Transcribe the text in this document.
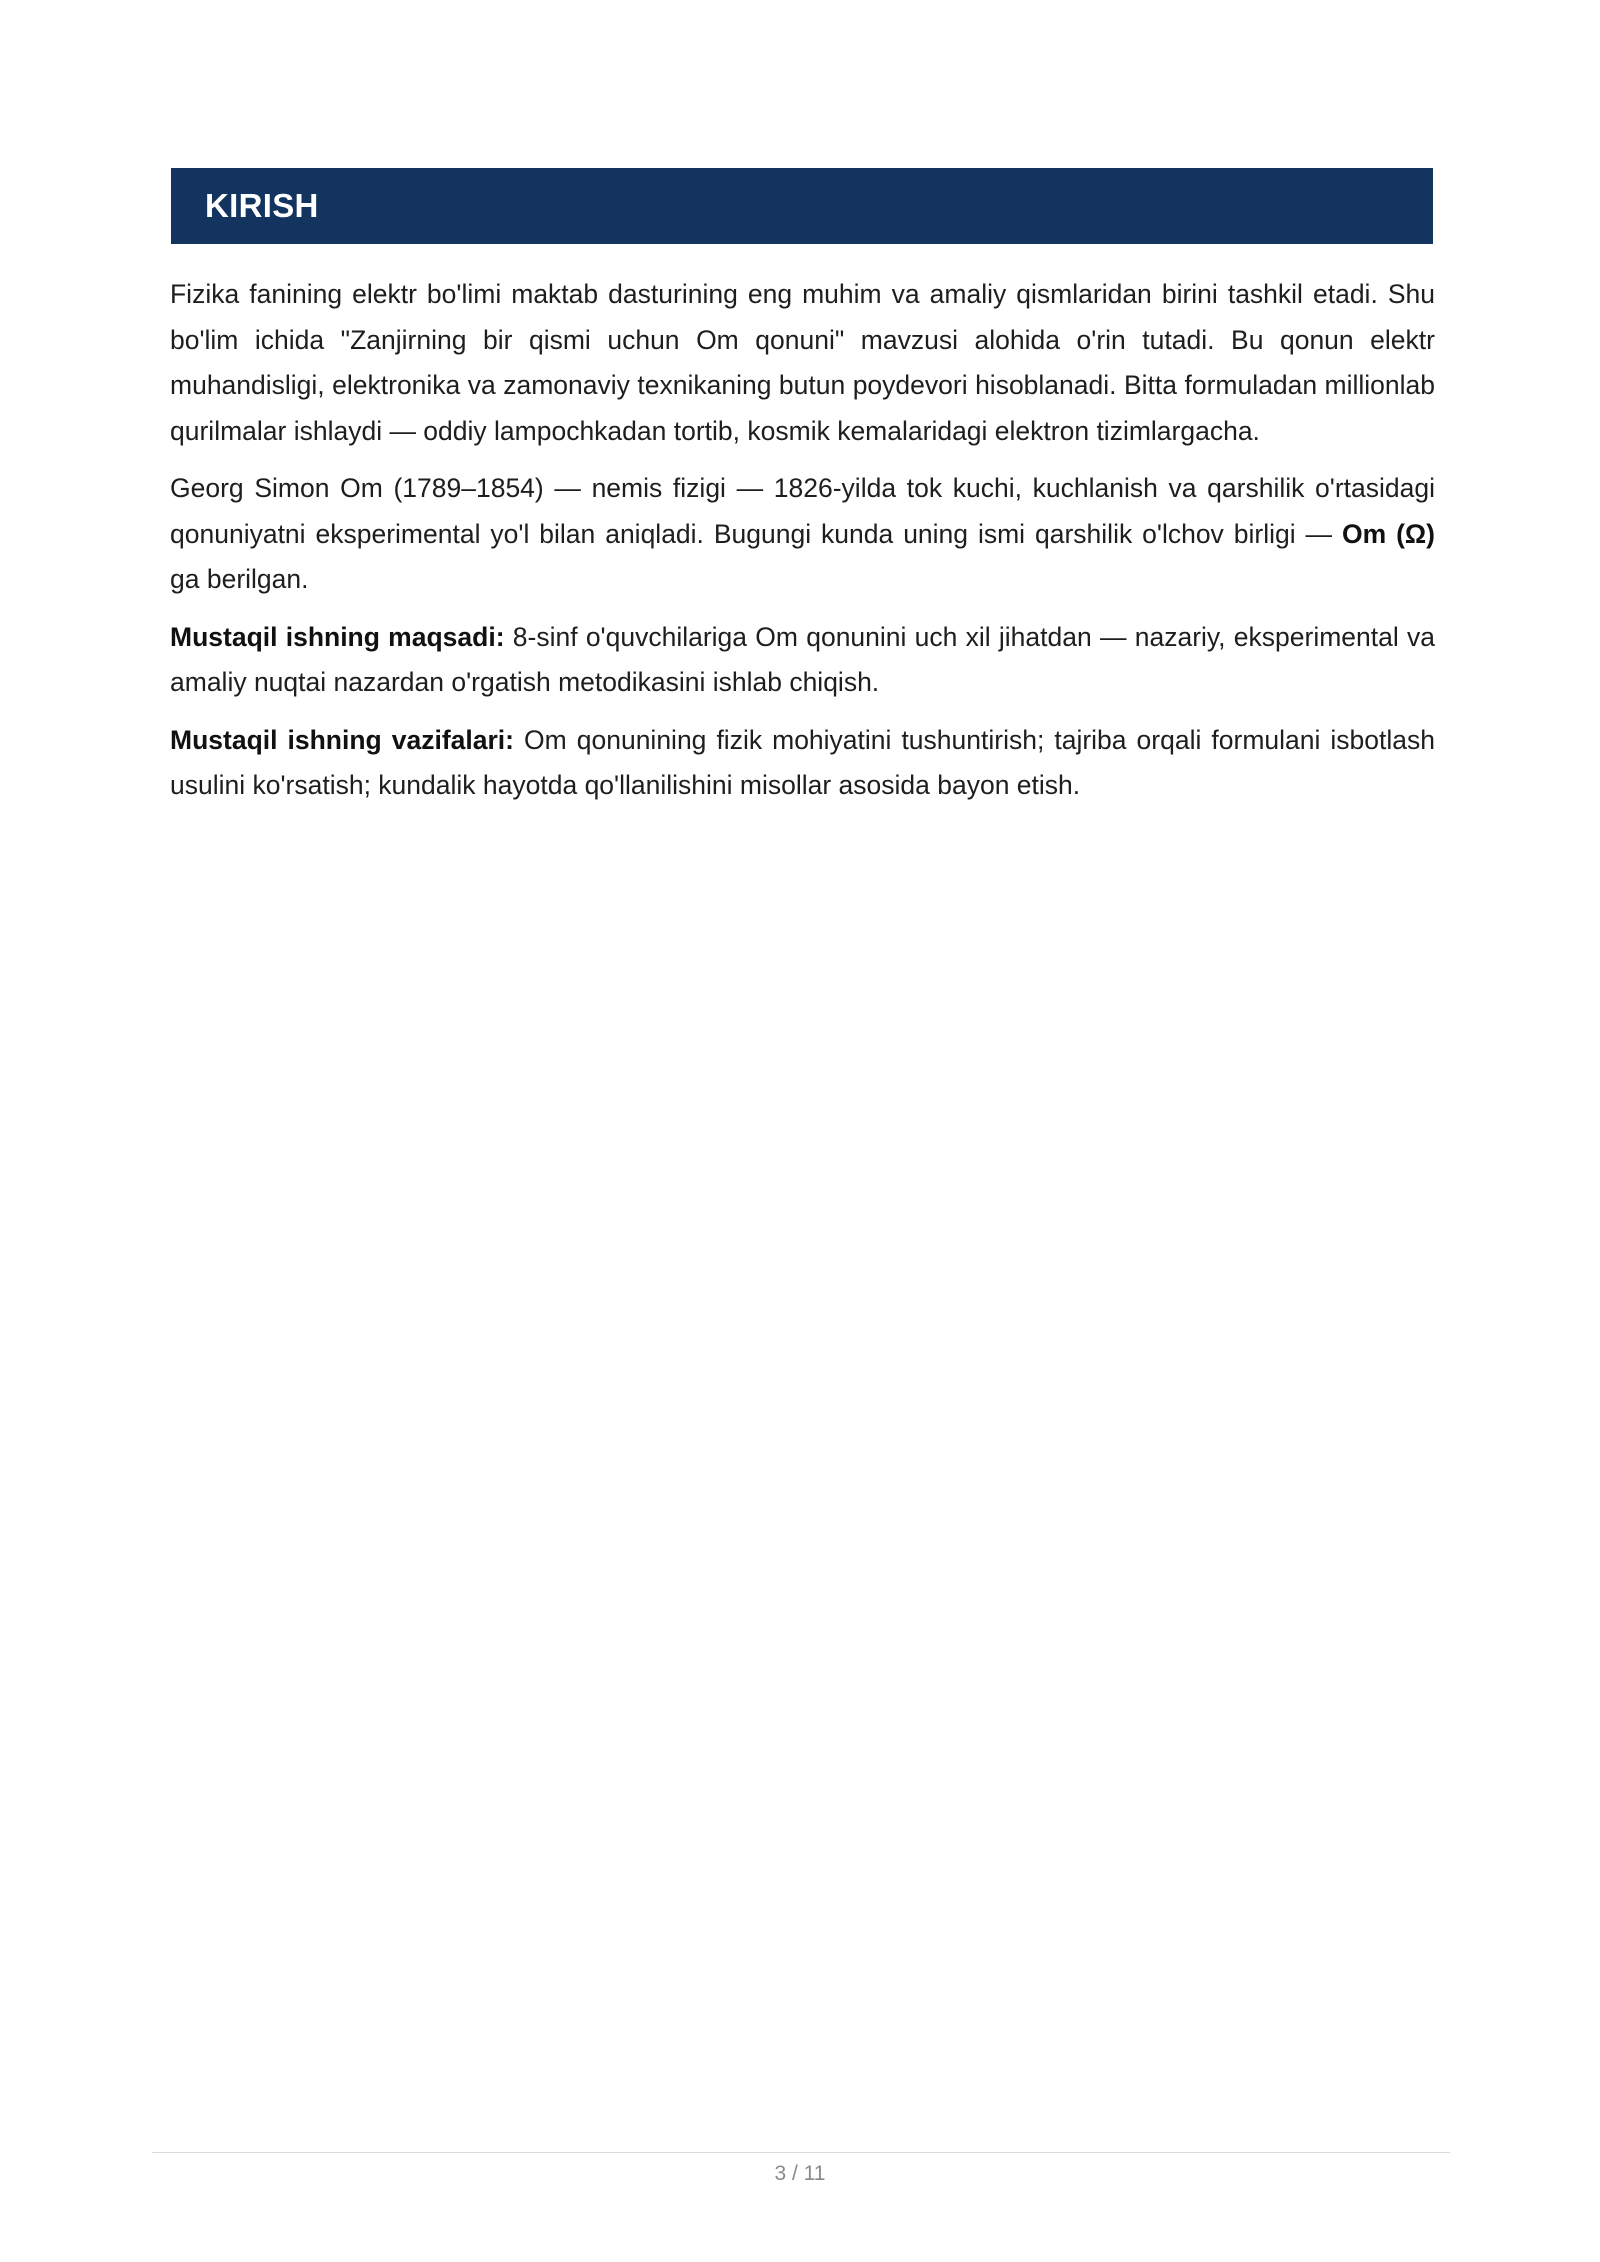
KIRISH

Fizika fanining elektr bo'limi maktab dasturining eng muhim va amaliy qismlaridan birini tashkil etadi. Shu bo'lim ichida "Zanjirning bir qismi uchun Om qonuni" mavzusi alohida o'rin tutadi. Bu qonun elektr muhandisligi, elektronika va zamonaviy texnikaning butun poydevori hisoblanadi. Bitta formuladan millionlab qurilmalar ishlaydi — oddiy lampochkadan tortib, kosmik kemalaridagi elektron tizimlargacha.

Georg Simon Om (1789–1854) — nemis fizigi — 1826-yilda tok kuchi, kuchlanish va qarshilik o'rtasidagi qonuniyatni eksperimental yo'l bilan aniqladi. Bugungi kunda uning ismi qarshilik o'lchov birligi — Om (Ω) ga berilgan.

Mustaqil ishning maqsadi: 8-sinf o'quvchilariga Om qonunini uch xil jihatdan — nazariy, eksperimental va amaliy nuqtai nazardan o'rgatish metodikasini ishlab chiqish.

Mustaqil ishning vazifalari: Om qonunining fizik mohiyatini tushuntirish; tajriba orqali formulani isbotlash usulini ko'rsatish; kundalik hayotda qo'llanilishini misollar asosida bayon etish.

3 / 11
